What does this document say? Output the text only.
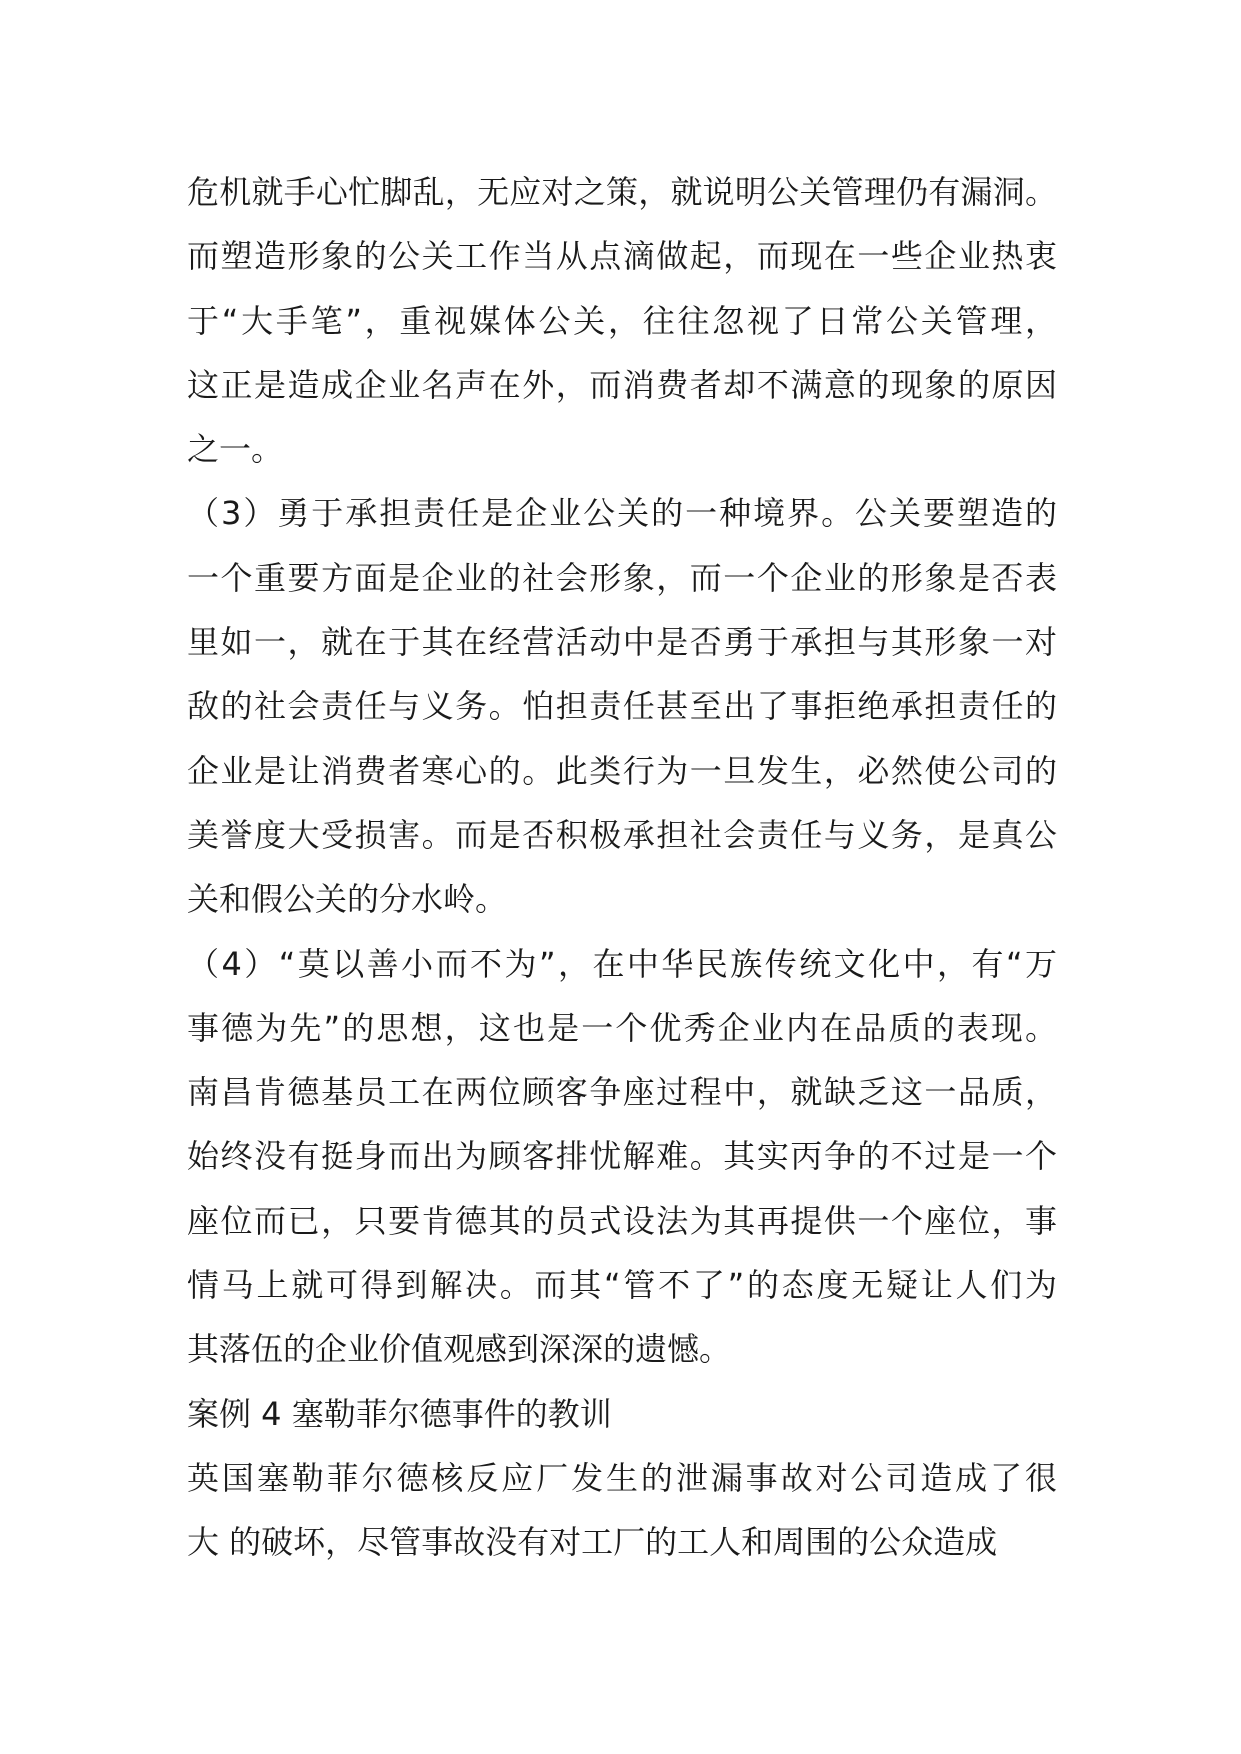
危机就手心忙脚乱，无应对之策，就说明公关管理仍有漏洞。
而塑造形象的公关工作当从点滴做起，而现在一些企业热衷
于“大手笔”，重视媒体公关，往往忽视了日常公关管理，
这正是造成企业名声在外，而消费者却不满意的现象的原因
之一。
（3）勇于承担责任是企业公关的一种境界。公关要塑造的
一个重要方面是企业的社会形象，而一个企业的形象是否表
里如一，就在于其在经营活动中是否勇于承担与其形象一对
敌的社会责任与义务。怕担责任甚至出了事拒绝承担责任的
企业是让消费者寒心的。此类行为一旦发生，必然使公司的
美誉度大受损害。而是否积极承担社会责任与义务，是真公
关和假公关的分水岭。
（4）“莫以善小而不为”，在中华民族传统文化中，有“万
事德为先”的思想，这也是一个优秀企业内在品质的表现。
南昌肯德基员工在两位顾客争座过程中，就缺乏这一品质，
始终没有挺身而出为顾客排忧解难。其实丙争的不过是一个
座位而已，只要肯德其的员式设法为其再提供一个座位，事
情马上就可得到解决。而其“管不了”的态度无疑让人们为
其落伍的企业价值观感到深深的遗憾。
案例 4 塞勒菲尔德事件的教训
英国塞勒菲尔德核反应厂发生的泄漏事故对公司造成了很
大 的破坏，尽管事故没有对工厂的工人和周围的公众造成
